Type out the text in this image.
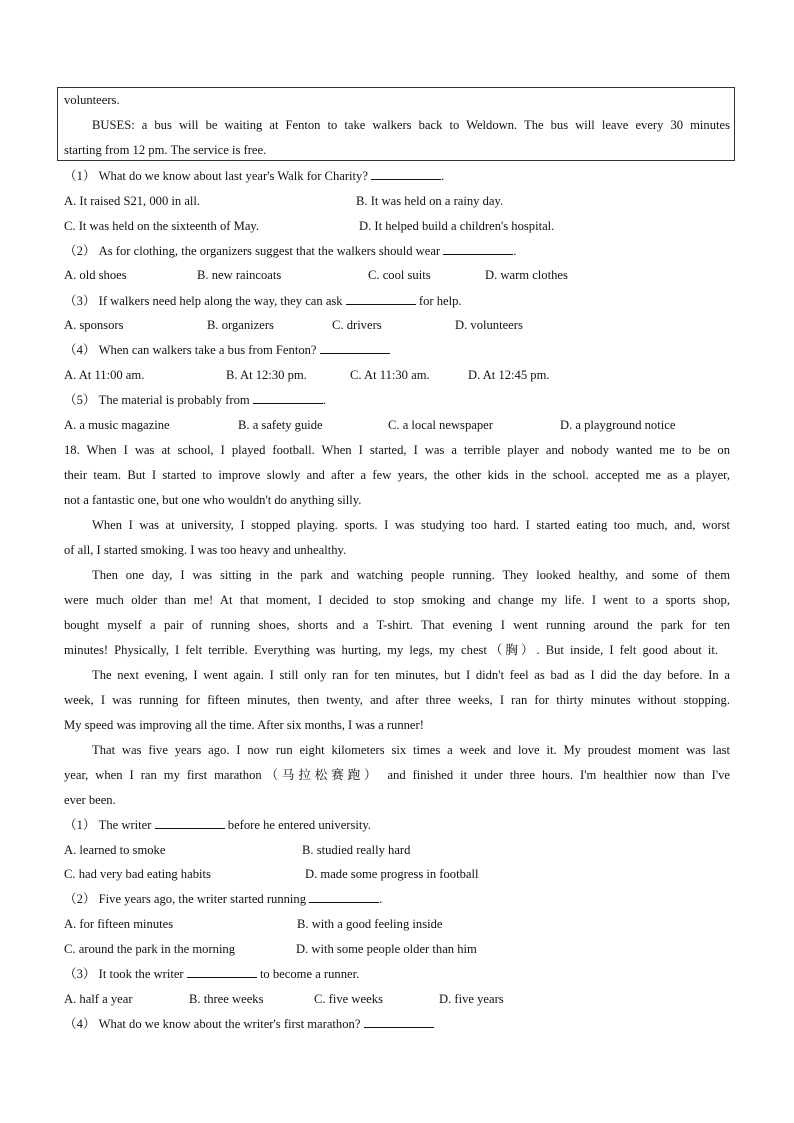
volunteers.
BUSES: a bus will be waiting at Fenton to take walkers back to Weldown. The bus will leave every 30 minutes
starting from 12 pm. The service is free.
（1） What do we know about last year's Walk for Charity?	.
A. It raised S21, 000 in all.	B. It was held on a rainy day.
C. It was held on the sixteenth of May.	D. It helped build a children's hospital.
（2） As for clothing, the organizers suggest that the walkers should wear	.
A. old shoes	B. new raincoats	C. cool suits	D. warm clothes
（3） If walkers need help along the way, they can ask	for help.
A. sponsors	B. organizers	C. drivers	D. volunteers
（4） When can walkers take a bus from Fenton?
A. At 11:00 am.	B. At 12:30 pm.	C. At 11:30 am.	D. At 12:45 pm.
（5） The material is probably from	.
A. a music magazine	B. a safety guide	C. a local newspaper	D. a playground notice
18. When I was at school, I played football. When I started, I was a terrible player and nobody wanted me to be on
their team. But I started to improve slowly and after a few years, the other kids in the school. accepted me as a player,
not a fantastic one, but one who wouldn't do anything silly.
When I was at university, I stopped playing. sports. I was studying too hard. I started eating too much, and, worst
of all, I started smoking. I was too heavy and unhealthy.
Then one day, I was sitting in the park and watching people running. They looked healthy, and some of them
were much older than me! At that moment, I decided to stop smoking and change my life. I went to a sports shop,
bought myself a pair of running shoes, shorts and a T-shirt. That evening I went running around the park for ten
minutes! Physically, I felt terrible. Everything was hurting, my legs, my chest（胸）. But inside, I felt good about it.
The next evening, I went again. I still only ran for ten minutes, but I didn't feel as bad as I did the day before. In a
week, I was running for fifteen minutes, then twenty, and after three weeks, I ran for thirty minutes without stopping.
My speed was improving all the time. After six months, I was a runner!
That was five years ago. I now run eight kilometers six times a week and love it. My proudest moment was last
year, when I ran my first marathon（马拉松赛跑） and finished it under three hours. I'm healthier now than I've
ever been.
（1） The writer	before he entered university.
A. learned to smoke	B. studied really hard
C. had very bad eating habits	D. made some progress in football
（2） Five years ago, the writer started running	.
A. for fifteen minutes	B. with a good feeling inside
C. around the park in the morning	D. with some people older than him
（3） It took the writer	to become a runner.
A. half a year	B. three weeks	C. five weeks	D. five years
（4） What do we know about the writer's first marathon?
